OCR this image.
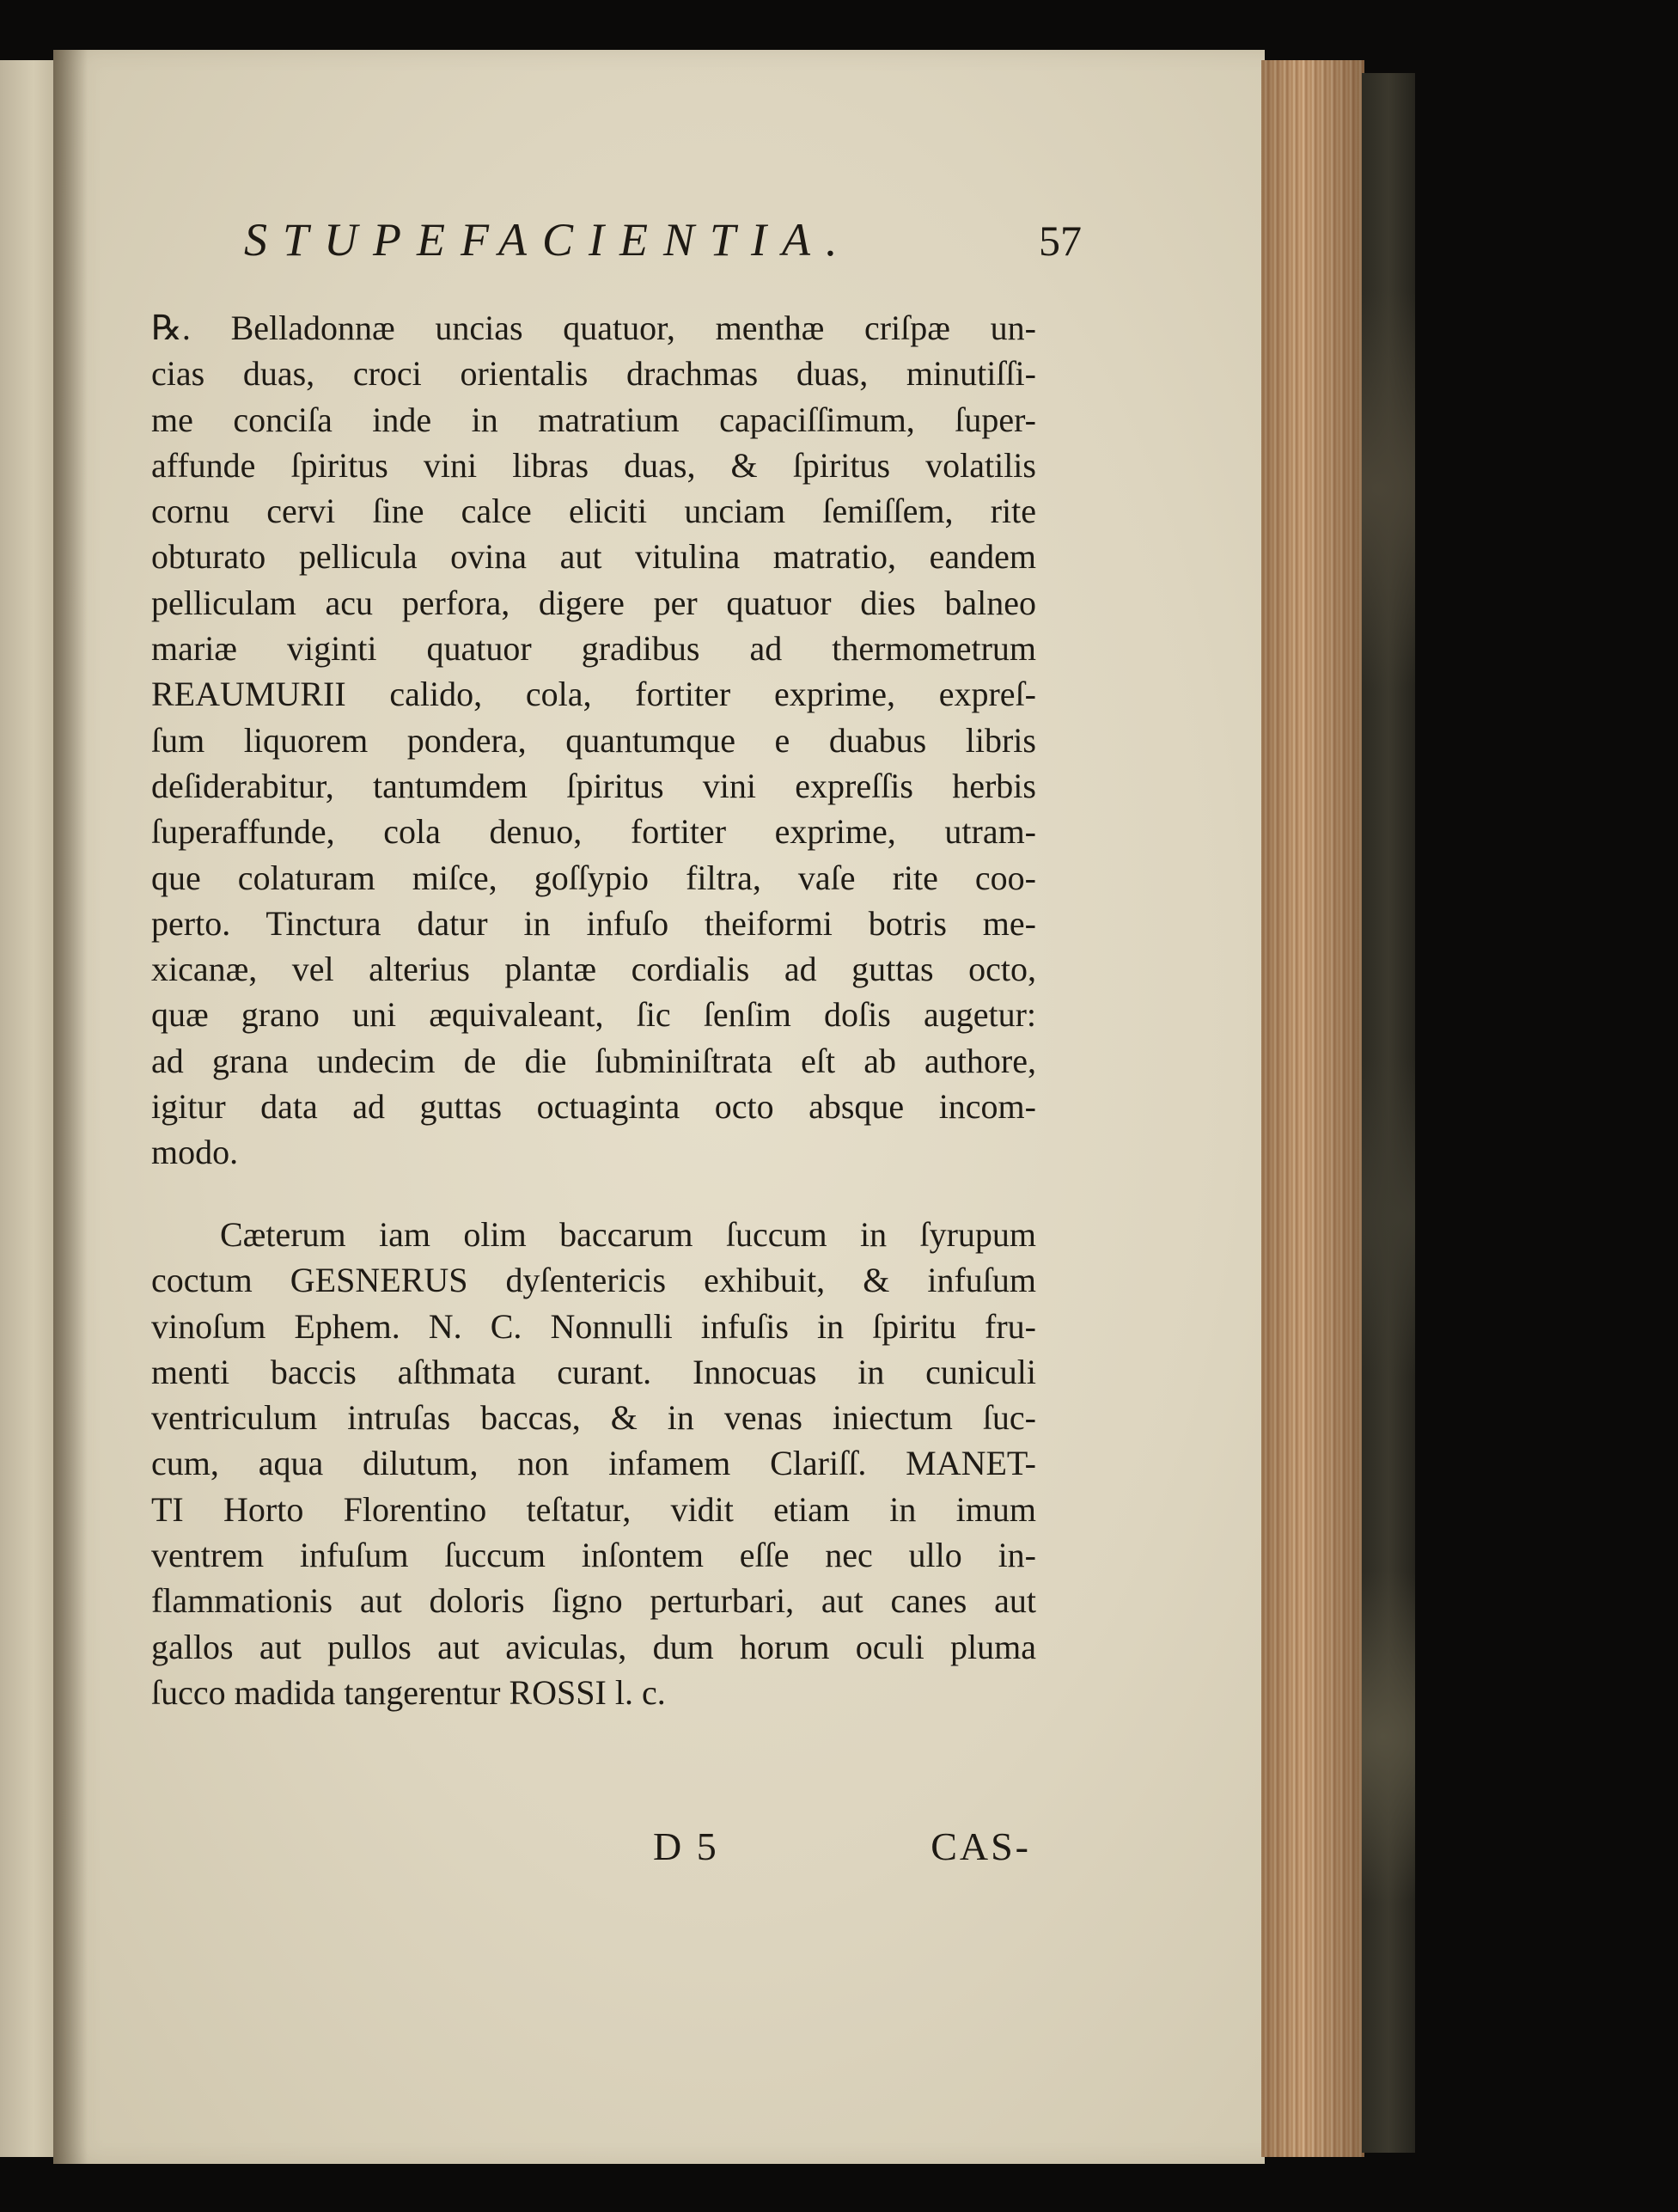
STUPEFACIENTIA.	57
℞. Belladonnæ uncias quatuor, menthæ criſpæ un-
cias duas, croci orientalis drachmas duas, minutiſſi-
me conciſa inde in matratium capaciſſimum, ſuper-
affunde ſpiritus vini libras duas, & ſpiritus volatilis
cornu cervi ſine calce eliciti unciam ſemiſſem, rite
obturato pellicula ovina aut vitulina matratio, eandem
pelliculam acu perfora, digere per quatuor dies balneo
mariæ viginti quatuor gradibus ad thermometrum
REAUMURII calido, cola, fortiter exprime, expreſ-
ſum liquorem pondera, quantumque e duabus libris
deſiderabitur, tantumdem ſpiritus vini expreſſis herbis
ſuperaffunde, cola denuo, fortiter exprime, utram-
que colaturam miſce, goſſypio filtra, vaſe rite coo-
perto. Tinctura datur in infuſo theiformi botris me-
xicanæ, vel alterius plantæ cordialis ad guttas octo,
quæ grano uni æquivaleant, ſic ſenſim doſis augetur:
ad grana undecim de die ſubminiſtrata eſt ab authore,
igitur data ad guttas octuaginta octo absque incom-
modo.
Cæterum iam olim baccarum ſuccum in ſyrupum
coctum GESNERUS dyſentericis exhibuit, & infuſum
vinoſum Ephem. N. C. Nonnulli infuſis in ſpiritu fru-
menti baccis aſthmata curant. Innocuas in cuniculi
ventriculum intruſas baccas, & in venas iniectum ſuc-
cum, aqua dilutum, non infamem Clariſſ. MANET-
TI Horto Florentino teſtatur, vidit etiam in imum
ventrem infuſum ſuccum inſontem eſſe nec ullo in-
flammationis aut doloris ſigno perturbari, aut canes aut
gallos aut pullos aut aviculas, dum horum oculi pluma
ſucco madida tangerentur ROSSI l. c.
D 5	CAS-
